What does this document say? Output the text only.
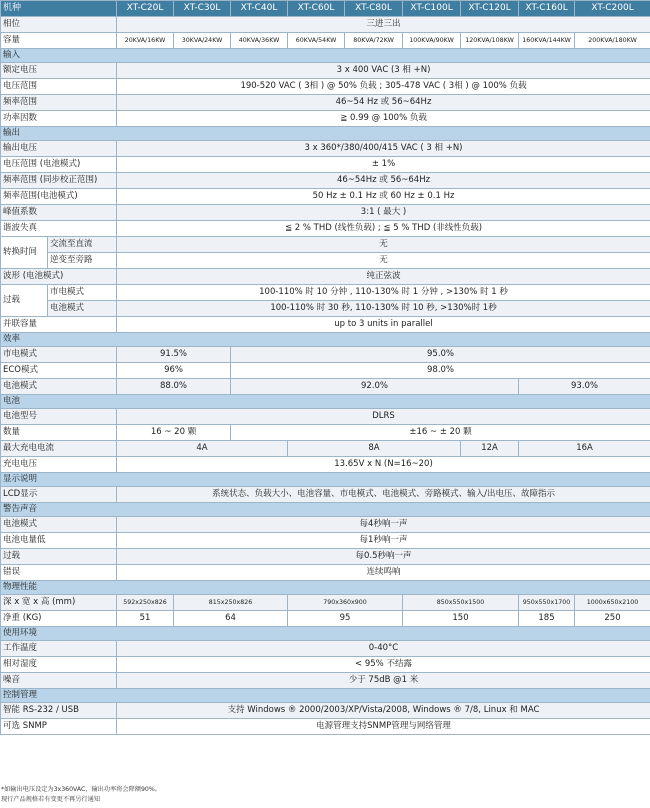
机种		XT-C20L	XT-C30L	XT-C40L	XT-C60L	XT-C80L	XT-C100L	XT-C120L	XT-C160L	XT-C200L
相位		三进三出								
容量		20KVA/16KW	30KVA/24KW	40KVA/36KW	60KVA/54KW	80KVA/72KW	100KVA/90KW	120KVA/108KW	160KVA/144KW	200KVA/180KW
输入										
额定电压		3 x 400 VAC (3 相 +N)								
电压范围		190-520 VAC ( 3相 ) @ 50% 负载 ; 305-478 VAC ( 3相 ) @ 100% 负载								
频率范围		46~54 Hz 或 56~64Hz								
功率因数		≧ 0.99 @ 100% 负载								
输出										
输出电压		3 x 360*/380/400/415 VAC ( 3 相 +N)								
电压范围 (电池模式)		± 1%								
频率范围 (同步校正范围)		46~54Hz 或 56~64Hz								
频率范围(电池模式)		50 Hz ± 0.1 Hz 或 60 Hz ± 0.1 Hz								
峰值系数		3:1 ( 最大 )								
谐波失真		≦ 2 % THD (线性负载) ; ≦ 5 % THD (非线性负载)								
转换时间	交流至直流	无								
	逆变至旁路	无								
波形 (电池模式)		纯正弦波								
过载	市电模式	100-110% 时 10 分钟 , 110-130% 时 1 分钟 , >130% 时 1 秒								
	电池模式	100-110% 时 30 秒, 110-130% 时 10 秒, >130%时 1秒								
并联容量		up to 3 units in parallel								
效率										
市电模式		91.5%		95.0%						
ECO模式		96%		98.0%						
电池模式		88.0%		92.0%					93.0%	
电池										
电池型号		DLRS								
数量		16 ~ 20 颗		±16 ~ ± 20 颗						
最大充电电流		4A			8A			12A	16A	
充电电压		13.65V x N (N=16~20)								
显示说明										
LCD显示		系统状态、负载大小、电池容量、市电模式、电池模式、旁路模式、输入/出电压、故障指示								
警告声音										
电池模式		每4秒响一声								
电池电量低		每1秒响一声								
过载		每0.5秒响一声								
错误		连续鸣响								
物理性能										
深 x 宽 x 高 (mm)		592x250x826	815x250x826		790x360x900		850x550x1500		950x550x1700	1000x650x2100
净重 (KG)		51	64		95		150		185	250
使用环境										
工作温度		0-40°C								
相对湿度		< 95% 不结露								
噪音		少于 75dB @1 米								
控制管理										
智能 RS-232 / USB		支持 Windows ® 2000/2003/XP/Vista/2008, Windows ® 7/8, Linux 和 MAC								
可选 SNMP		电源管理支持SNMP管理与网络管理								
*如输出电压设定为3x360VAC，输出功率将会降额90%。
现行产品规格若有变更不再另行通知
